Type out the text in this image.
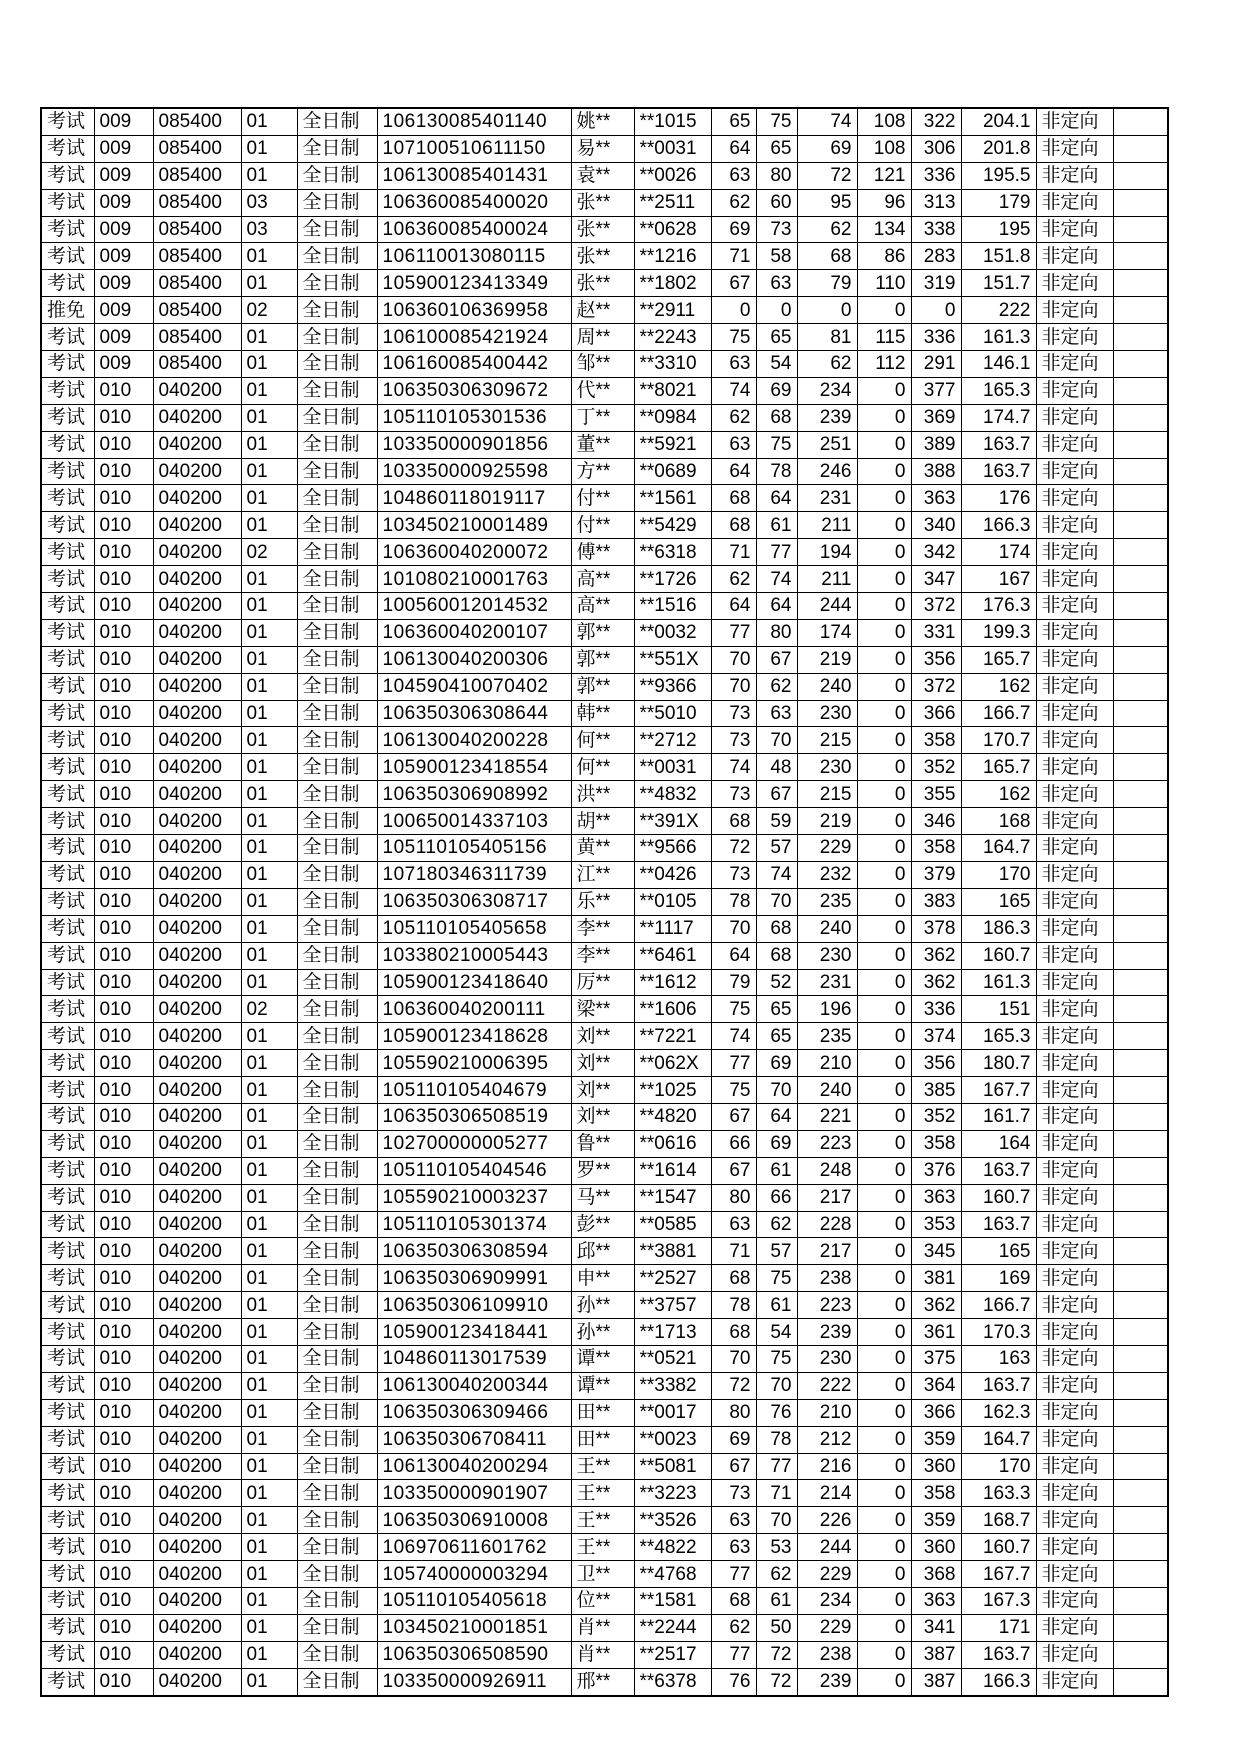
考试	009	085400	01	全日制	106130085401140	姚**	**1015	65	75	74	108	322	204.1	非定向	
考试	009	085400	01	全日制	107100510611150	易**	**0031	64	65	69	108	306	201.8	非定向	
考试	009	085400	01	全日制	106130085401431	袁**	**0026	63	80	72	121	336	195.5	非定向	
考试	009	085400	03	全日制	106360085400020	张**	**2511	62	60	95	96	313	179	非定向	
考试	009	085400	03	全日制	106360085400024	张**	**0628	69	73	62	134	338	195	非定向	
考试	009	085400	01	全日制	106110013080115	张**	**1216	71	58	68	86	283	151.8	非定向	
考试	009	085400	01	全日制	105900123413349	张**	**1802	67	63	79	110	319	151.7	非定向	
推免	009	085400	02	全日制	106360106369958	赵**	**2911	0	0	0	0	0	222	非定向	
考试	009	085400	01	全日制	106100085421924	周**	**2243	75	65	81	115	336	161.3	非定向	
考试	009	085400	01	全日制	106160085400442	邹**	**3310	63	54	62	112	291	146.1	非定向	
考试	010	040200	01	全日制	106350306309672	代**	**8021	74	69	234	0	377	165.3	非定向	
考试	010	040200	01	全日制	105110105301536	丁**	**0984	62	68	239	0	369	174.7	非定向	
考试	010	040200	01	全日制	103350000901856	董**	**5921	63	75	251	0	389	163.7	非定向	
考试	010	040200	01	全日制	103350000925598	方**	**0689	64	78	246	0	388	163.7	非定向	
考试	010	040200	01	全日制	104860118019117	付**	**1561	68	64	231	0	363	176	非定向	
考试	010	040200	01	全日制	103450210001489	付**	**5429	68	61	211	0	340	166.3	非定向	
考试	010	040200	02	全日制	106360040200072	傅**	**6318	71	77	194	0	342	174	非定向	
考试	010	040200	01	全日制	101080210001763	高**	**1726	62	74	211	0	347	167	非定向	
考试	010	040200	01	全日制	100560012014532	高**	**1516	64	64	244	0	372	176.3	非定向	
考试	010	040200	01	全日制	106360040200107	郭**	**0032	77	80	174	0	331	199.3	非定向	
考试	010	040200	01	全日制	106130040200306	郭**	**551X	70	67	219	0	356	165.7	非定向	
考试	010	040200	01	全日制	104590410070402	郭**	**9366	70	62	240	0	372	162	非定向	
考试	010	040200	01	全日制	106350306308644	韩**	**5010	73	63	230	0	366	166.7	非定向	
考试	010	040200	01	全日制	106130040200228	何**	**2712	73	70	215	0	358	170.7	非定向	
考试	010	040200	01	全日制	105900123418554	何**	**0031	74	48	230	0	352	165.7	非定向	
考试	010	040200	01	全日制	106350306908992	洪**	**4832	73	67	215	0	355	162	非定向	
考试	010	040200	01	全日制	100650014337103	胡**	**391X	68	59	219	0	346	168	非定向	
考试	010	040200	01	全日制	105110105405156	黄**	**9566	72	57	229	0	358	164.7	非定向	
考试	010	040200	01	全日制	107180346311739	江**	**0426	73	74	232	0	379	170	非定向	
考试	010	040200	01	全日制	106350306308717	乐**	**0105	78	70	235	0	383	165	非定向	
考试	010	040200	01	全日制	105110105405658	李**	**1117	70	68	240	0	378	186.3	非定向	
考试	010	040200	01	全日制	103380210005443	李**	**6461	64	68	230	0	362	160.7	非定向	
考试	010	040200	01	全日制	105900123418640	厉**	**1612	79	52	231	0	362	161.3	非定向	
考试	010	040200	02	全日制	106360040200111	梁**	**1606	75	65	196	0	336	151	非定向	
考试	010	040200	01	全日制	105900123418628	刘**	**7221	74	65	235	0	374	165.3	非定向	
考试	010	040200	01	全日制	105590210006395	刘**	**062X	77	69	210	0	356	180.7	非定向	
考试	010	040200	01	全日制	105110105404679	刘**	**1025	75	70	240	0	385	167.7	非定向	
考试	010	040200	01	全日制	106350306508519	刘**	**4820	67	64	221	0	352	161.7	非定向	
考试	010	040200	01	全日制	102700000005277	鲁**	**0616	66	69	223	0	358	164	非定向	
考试	010	040200	01	全日制	105110105404546	罗**	**1614	67	61	248	0	376	163.7	非定向	
考试	010	040200	01	全日制	105590210003237	马**	**1547	80	66	217	0	363	160.7	非定向	
考试	010	040200	01	全日制	105110105301374	彭**	**0585	63	62	228	0	353	163.7	非定向	
考试	010	040200	01	全日制	106350306308594	邱**	**3881	71	57	217	0	345	165	非定向	
考试	010	040200	01	全日制	106350306909991	申**	**2527	68	75	238	0	381	169	非定向	
考试	010	040200	01	全日制	106350306109910	孙**	**3757	78	61	223	0	362	166.7	非定向	
考试	010	040200	01	全日制	105900123418441	孙**	**1713	68	54	239	0	361	170.3	非定向	
考试	010	040200	01	全日制	104860113017539	谭**	**0521	70	75	230	0	375	163	非定向	
考试	010	040200	01	全日制	106130040200344	谭**	**3382	72	70	222	0	364	163.7	非定向	
考试	010	040200	01	全日制	106350306309466	田**	**0017	80	76	210	0	366	162.3	非定向	
考试	010	040200	01	全日制	106350306708411	田**	**0023	69	78	212	0	359	164.7	非定向	
考试	010	040200	01	全日制	106130040200294	王**	**5081	67	77	216	0	360	170	非定向	
考试	010	040200	01	全日制	103350000901907	王**	**3223	73	71	214	0	358	163.3	非定向	
考试	010	040200	01	全日制	106350306910008	王**	**3526	63	70	226	0	359	168.7	非定向	
考试	010	040200	01	全日制	106970611601762	王**	**4822	63	53	244	0	360	160.7	非定向	
考试	010	040200	01	全日制	105740000003294	卫**	**4768	77	62	229	0	368	167.7	非定向	
考试	010	040200	01	全日制	105110105405618	位**	**1581	68	61	234	0	363	167.3	非定向	
考试	010	040200	01	全日制	103450210001851	肖**	**2244	62	50	229	0	341	171	非定向	
考试	010	040200	01	全日制	106350306508590	肖**	**2517	77	72	238	0	387	163.7	非定向	
考试	010	040200	01	全日制	103350000926911	邢**	**6378	76	72	239	0	387	166.3	非定向	
